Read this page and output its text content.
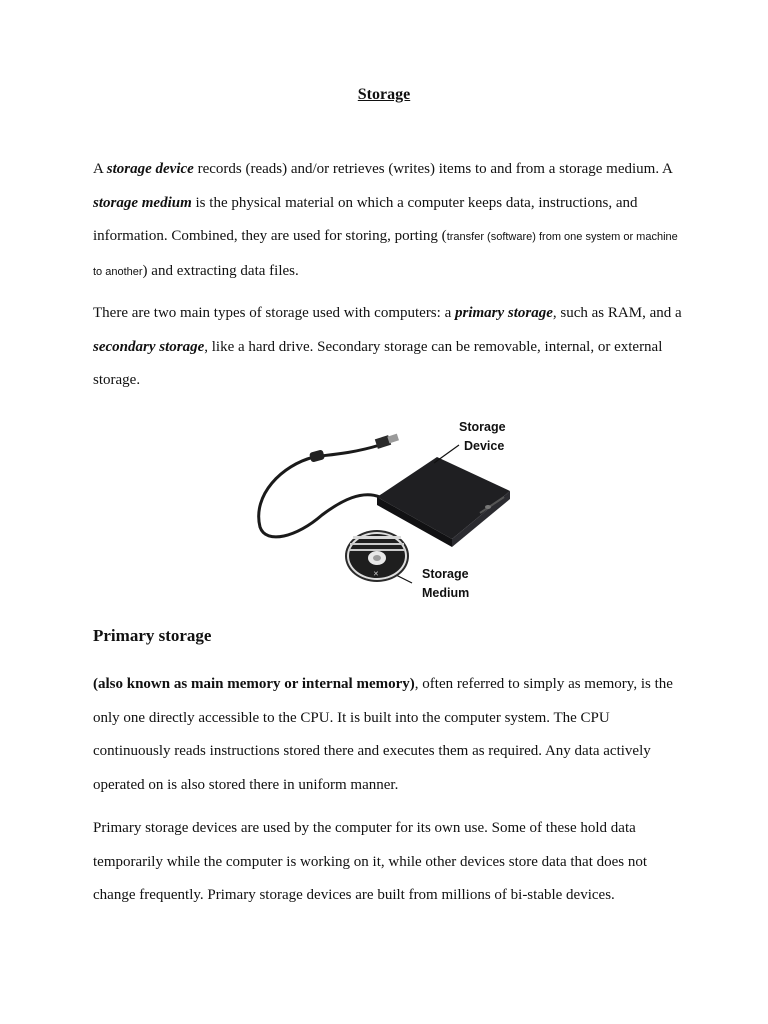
Storage

A storage device records (reads) and/or retrieves (writes) items to and from a storage medium. A storage medium is the physical material on which a computer keeps data, instructions, and information. Combined, they are used for storing, porting (transfer (software) from one system or machine to another) and extracting data files.

There are two main types of storage used with computers: a primary storage, such as RAM, and a secondary storage, like a hard drive. Secondary storage can be removable, internal, or external storage.

✕
Storage
Device
Storage
Medium
Primary storage

(also known as main memory or internal memory), often referred to simply as memory, is the only one directly accessible to the CPU. It is built into the computer system. The CPU continuously reads instructions stored there and executes them as required. Any data actively operated on is also stored there in uniform manner.

Primary storage devices are used by the computer for its own use. Some of these hold data temporarily while the computer is working on it, while other devices store data that does not change frequently. Primary storage devices are built from millions of bi-stable devices.
